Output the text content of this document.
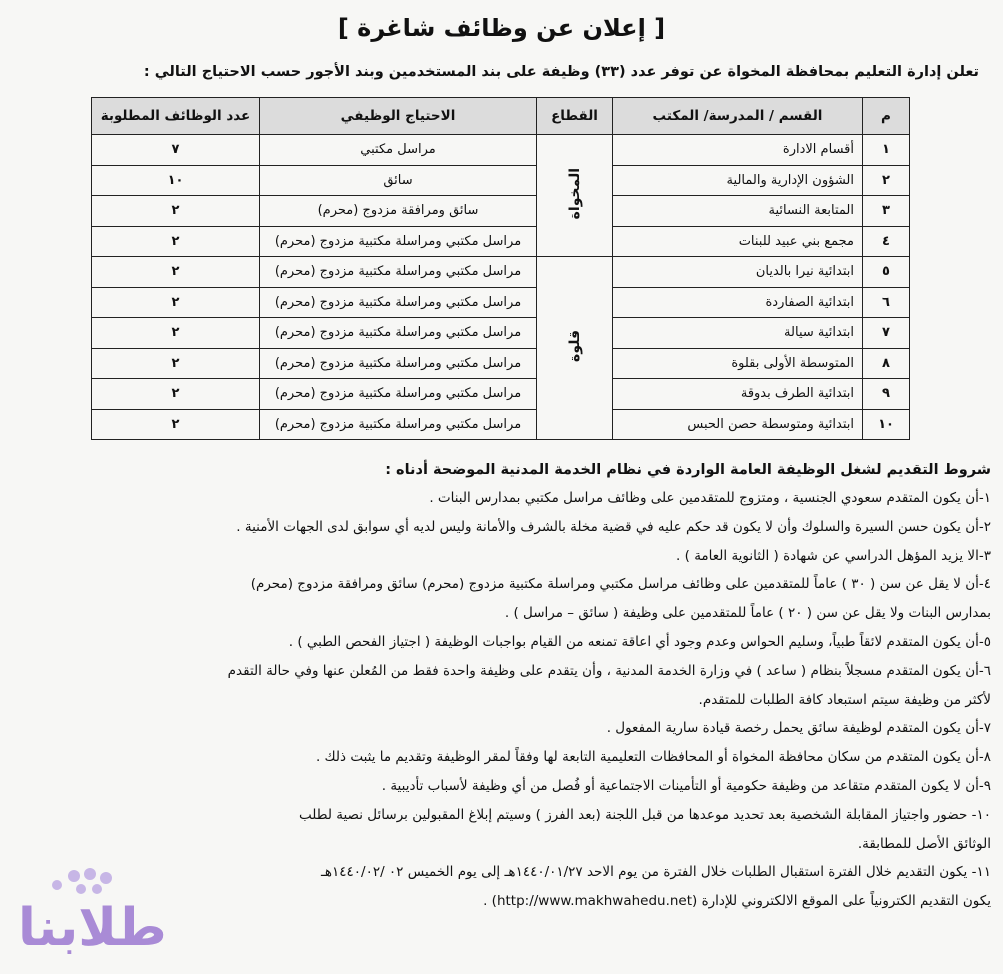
[ إعلان عن وظائف شاغرة ]
تعلن إدارة التعليم بمحافظة المخواة عن توفر عدد (٣٣) وظيفة على بند المستخدمين وبند الأجور حسب الاحتياج التالي :
م	القسم / المدرسة/ المكتب	القطاع	الاحتياج الوظيفي	عدد الوظائف المطلوبة
١	أقسام الادارة	المخواة	مراسل مكتبي	٧
٢	الشؤون الإدارية والمالية		سائق	١٠
٣	المتابعة النسائية		سائق ومرافقة مزدوج (محرم)	٢
٤	مجمع بني عبيد للبنات		مراسل مكتبي ومراسلة مكتبية مزدوج (محرم)	٢
٥	ابتدائية نيرا بالديان	قلوة	مراسل مكتبي ومراسلة مكتبية مزدوج (محرم)	٢
٦	ابتدائية الصفاردة		مراسل مكتبي ومراسلة مكتبية مزدوج (محرم)	٢
٧	ابتدائية سيالة		مراسل مكتبي ومراسلة مكتبية مزدوج (محرم)	٢
٨	المتوسطة الأولى بقلوة		مراسل مكتبي ومراسلة مكتبية مزدوج (محرم)	٢
٩	ابتدائية الطرف بدوقة		مراسل مكتبي ومراسلة مكتبية مزدوج (محرم)	٢
١٠	ابتدائية ومتوسطة حصن الحبس		مراسل مكتبي ومراسلة مكتبية مزدوج (محرم)	٢
شروط التقديم لشغل الوظيفة العامة الواردة في نظام الخدمة المدنية الموضحة أدناه :

١-أن يكون المتقدم سعودي الجنسية ، ومتزوج للمتقدمين على وظائف مراسل مكتبي بمدارس البنات .

٢-أن يكون حسن السيرة والسلوك وأن لا يكون قد حكم عليه في قضية مخلة بالشرف والأمانة وليس لديه أي سوابق لدى الجهات الأمنية .

٣-الا يزيد المؤهل الدراسي عن شهادة ( الثانوية العامة ) .

٤-أن لا يقل عن سن ( ٣٠ ) عاماً للمتقدمين على وظائف مراسل مكتبي ومراسلة مكتبية مزدوج (محرم) سائق ومرافقة مزدوج (محرم)

بمدارس البنات ولا يقل عن سن ( ٢٠ ) عاماً للمتقدمين على وظيفة ( سائق – مراسل ) .

٥-أن يكون المتقدم لائقاً طبياً، وسليم الحواس وعدم وجود أي اعاقة تمنعه من القيام بواجبات الوظيفة ( اجتياز الفحص الطبي ) .

٦-أن يكون المتقدم مسجلاً بنظام ( ساعد ) في وزارة الخدمة المدنية ، وأن يتقدم على وظيفة واحدة فقط من المُعلن عنها وفي حالة التقدم

لأكثر من وظيفة سيتم استبعاد كافة الطلبات للمتقدم.

٧-أن يكون المتقدم لوظيفة سائق يحمل رخصة قيادة سارية المفعول .

٨-أن يكون المتقدم من سكان محافظة المخواة أو المحافظات التعليمية التابعة لها وفقاً لمقر الوظيفة وتقديم ما يثبت ذلك .

٩-أن لا يكون المتقدم متقاعد من وظيفة حكومية أو التأمينات الاجتماعية أو فُصل من أي وظيفة لأسباب تأديبية .

١٠- حضور واجتياز المقابلة الشخصية بعد تحديد موعدها من قبل اللجنة (بعد الفرز ) وسيتم إبلاغ المقبولين برسائل نصية لطلب

الوثائق الأصل للمطابقة.

١١- يكون التقديم خلال الفترة استقبال الطلبات خلال الفترة من يوم الاحد ١٤٤٠/٠١/٢٧هـ إلى يوم الخميس ٠٢ /١٤٤٠/٠٢هـ

يكون التقديم الكترونياً على الموقع الالكتروني للإدارة (http://www.makhwahedu.net) .

طلابنا
